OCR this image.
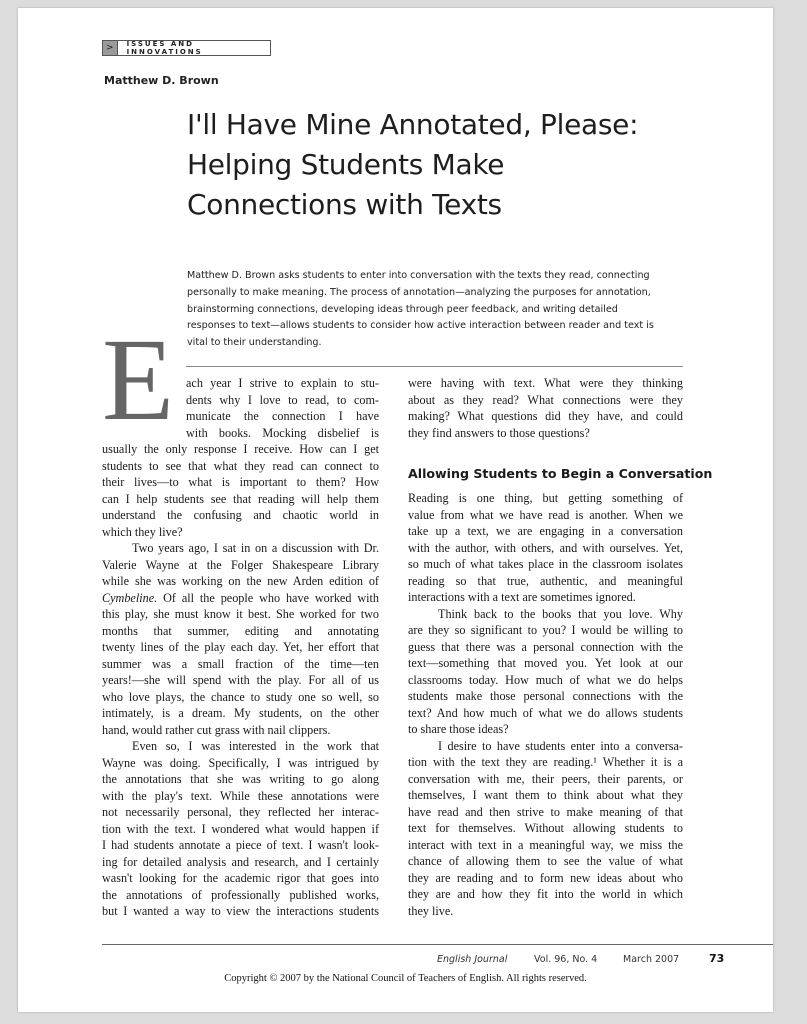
>	ISSUES AND INNOVATIONS
Matthew D. Brown
I'll Have Mine Annotated, Please:
Helping Students Make
Connections with Texts
Matthew D. Brown asks students to enter into conversation with the texts they read, connecting
personally to make meaning. The process of annotation—analyzing the purposes for annotation,
brainstorming connections, developing ideas through peer feedback, and writing detailed
responses to text—allows students to consider how active interaction between reader and text is
vital to their understanding.
E ach year I strive to explain to stu-
dents why I love to read, to com-
municate the connection I have
with books. Mocking disbelief is
usually the only response I receive. How can I get
students to see that what they read can connect to
their lives—to what is important to them? How
can I help students see that reading will help them
understand the confusing and chaotic world in
which they live?
Two years ago, I sat in on a discussion with Dr.
Valerie Wayne at the Folger Shakespeare Library
while she was working on the new Arden edition of
Cymbeline. Of all the people who have worked with
this play, she must know it best. She worked for two
months that summer, editing and annotating
twenty lines of the play each day. Yet, her effort that
summer was a small fraction of the time—ten
years!—she will spend with the play. For all of us
who love plays, the chance to study one so well, so
intimately, is a dream. My students, on the other
hand, would rather cut grass with nail clippers.
Even so, I was interested in the work that
Wayne was doing. Specifically, I was intrigued by
the annotations that she was writing to go along
with the play's text. While these annotations were
not necessarily personal, they reflected her interac-
tion with the text. I wondered what would happen if
I had students annotate a piece of text. I wasn't look-
ing for detailed analysis and research, and I certainly
wasn't looking for the academic rigor that goes into
the annotations of professionally published works,
but I wanted a way to view the interactions students
were having with text. What were they thinking
about as they read? What connections were they
making? What questions did they have, and could
they find answers to those questions?
Allowing Students to Begin a Conversation
Reading is one thing, but getting something of
value from what we have read is another. When we
take up a text, we are engaging in a conversation
with the author, with others, and with ourselves. Yet,
so much of what takes place in the classroom isolates
reading so that true, authentic, and meaningful
interactions with a text are sometimes ignored.
Think back to the books that you love. Why
are they so significant to you? I would be willing to
guess that there was a personal connection with the
text—something that moved you. Yet look at our
classrooms today. How much of what we do helps
students make those personal connections with the
text? And how much of what we do allows students
to share those ideas?
I desire to have students enter into a conversa-
tion with the text they are reading.¹ Whether it is a
conversation with me, their peers, their parents, or
themselves, I want them to think about what they
have read and then strive to make meaning of that
text for themselves. Without allowing students to
interact with text in a meaningful way, we miss the
chance of allowing them to see the value of what
they are reading and to form new ideas about who
they are and how they fit into the world in which
they live.
English Journal	Vol. 96, No. 4	March 2007	73
Copyright © 2007 by the National Council of Teachers of English. All rights reserved.
